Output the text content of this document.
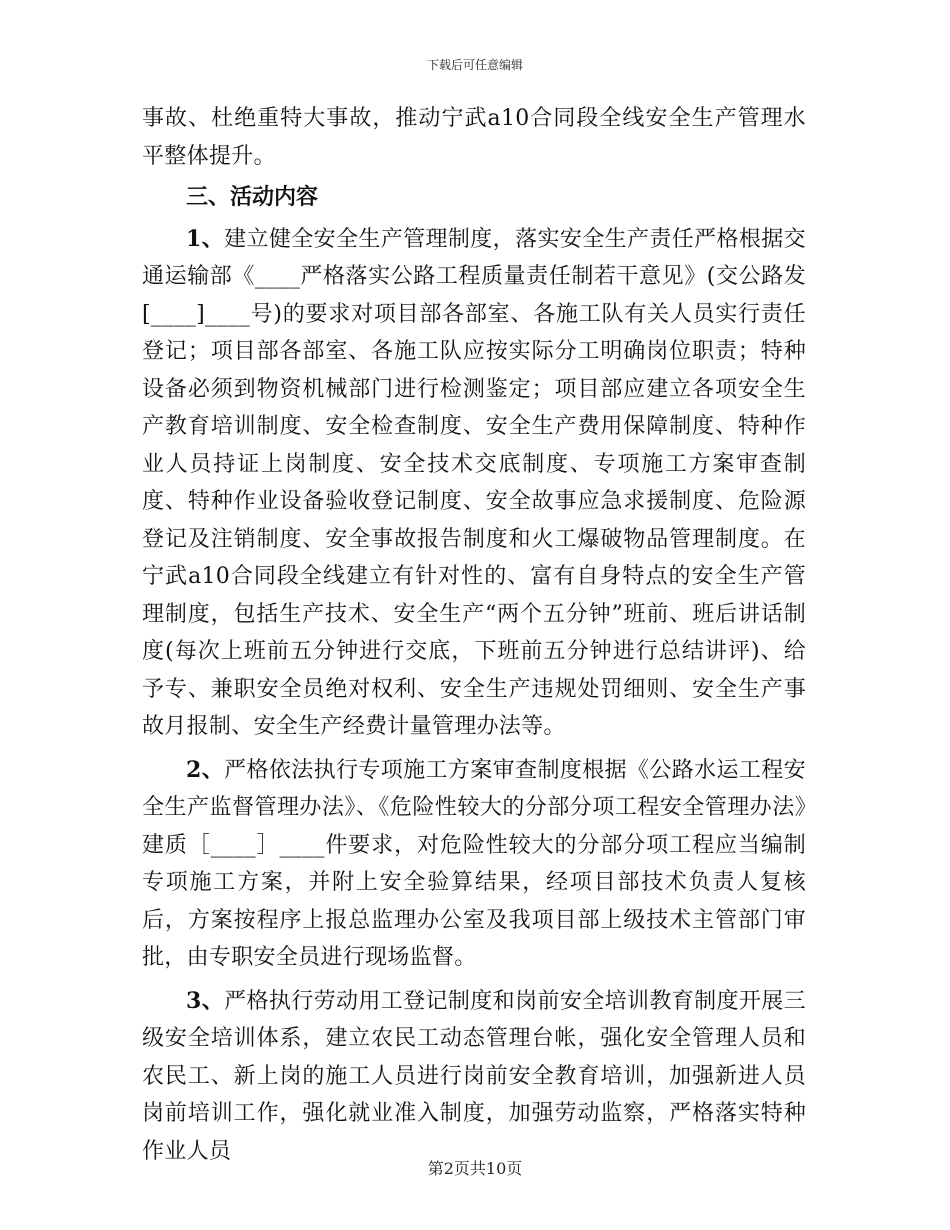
下载后可任意编辑

事故、杜绝重特大事故，推动宁武a10合同段全线安全生产管理水平整体提升。

三、活动内容

1、建立健全安全生产管理制度，落实安全生产责任严格根据交通运输部《____严格落实公路工程质量责任制若干意见》(交公路发[____]____号)的要求对项目部各部室、各施工队有关人员实行责任登记；项目部各部室、各施工队应按实际分工明确岗位职责；特种设备必须到物资机械部门进行检测鉴定；项目部应建立各项安全生产教育培训制度、安全检查制度、安全生产费用保障制度、特种作业人员持证上岗制度、安全技术交底制度、专项施工方案审查制度、特种作业设备验收登记制度、安全故事应急求援制度、危险源登记及注销制度、安全事故报告制度和火工爆破物品管理制度。在宁武a10合同段全线建立有针对性的、富有自身特点的安全生产管理制度，包括生产技术、安全生产“两个五分钟”班前、班后讲话制度(每次上班前五分钟进行交底，下班前五分钟进行总结讲评)、给予专、兼职安全员绝对权利、安全生产违规处罚细则、安全生产事故月报制、安全生产经费计量管理办法等。

2、严格依法执行专项施工方案审查制度根据《公路水运工程安全生产监督管理办法》、《危险性较大的分部分项工程安全管理办法》建质［____］____件要求，对危险性较大的分部分项工程应当编制专项施工方案，并附上安全验算结果，经项目部技术负责人复核后，方案按程序上报总监理办公室及我项目部上级技术主管部门审批，由专职安全员进行现场监督。

3、严格执行劳动用工登记制度和岗前安全培训教育制度开展三级安全培训体系，建立农民工动态管理台帐，强化安全管理人员和农民工、新上岗的施工人员进行岗前安全教育培训，加强新进人员岗前培训工作，强化就业准入制度，加强劳动监察，严格落实特种作业人员

第2页共10页
